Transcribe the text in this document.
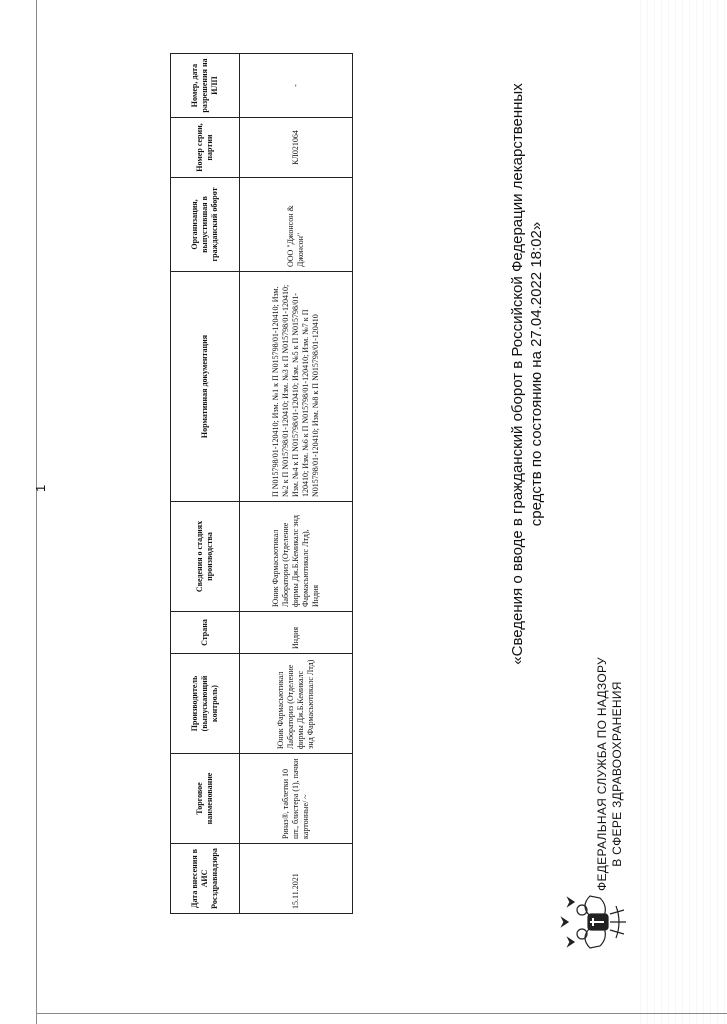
ФЕДЕРАЛЬНАЯ СЛУЖБА ПО НАДЗОРУ В СФЕРЕ ЗДРАВООХРАНЕНИЯ
«Сведения о вводе в гражданский оборот в Российской Федерации лекарственных средств по состоянию на 27.04.2022 18:02»
Дата внесения в АИС Росздравнадзора	Торговое наименование	Производитель (выпускающий контроль)	Страна	Сведения о стадиях производства	Нормативная документация	Организация, выпустившая в гражданский оборот	Номер серии, партии	Номер, дата разрешения на ИЛП
15.11.2021	Риназ®, таблетки 10 шт., блистера (1), пачки картонные/ ~	Юник Фармасьютикал Лабораториз (Отделение фирмы Дж.Б.Кемикалс энд Фармасьютикалс Лтд)	Индия	Юник Фармасьютикал Лабораториз (Отделение фирмы Дж.Б.Кемикалс энд Фармасьютикалс Лтд), Индия	П N015798/01-120410; Изм. №1 к П N015798/01-120410; Изм. №2 к П N015798/01-120410; Изм. №3 к П N015798/01-120410; Изм. №4 к П N015798/01-120410; Изм. №5 к П N015798/01-120410; Изм. №6 к П N015798/01-120410; Изм. №7 к П N015798/01-120410; Изм. №8 к П N015798/01-120410	ООО "Джонсон & Джонсон"	КЛ021064	-
1
